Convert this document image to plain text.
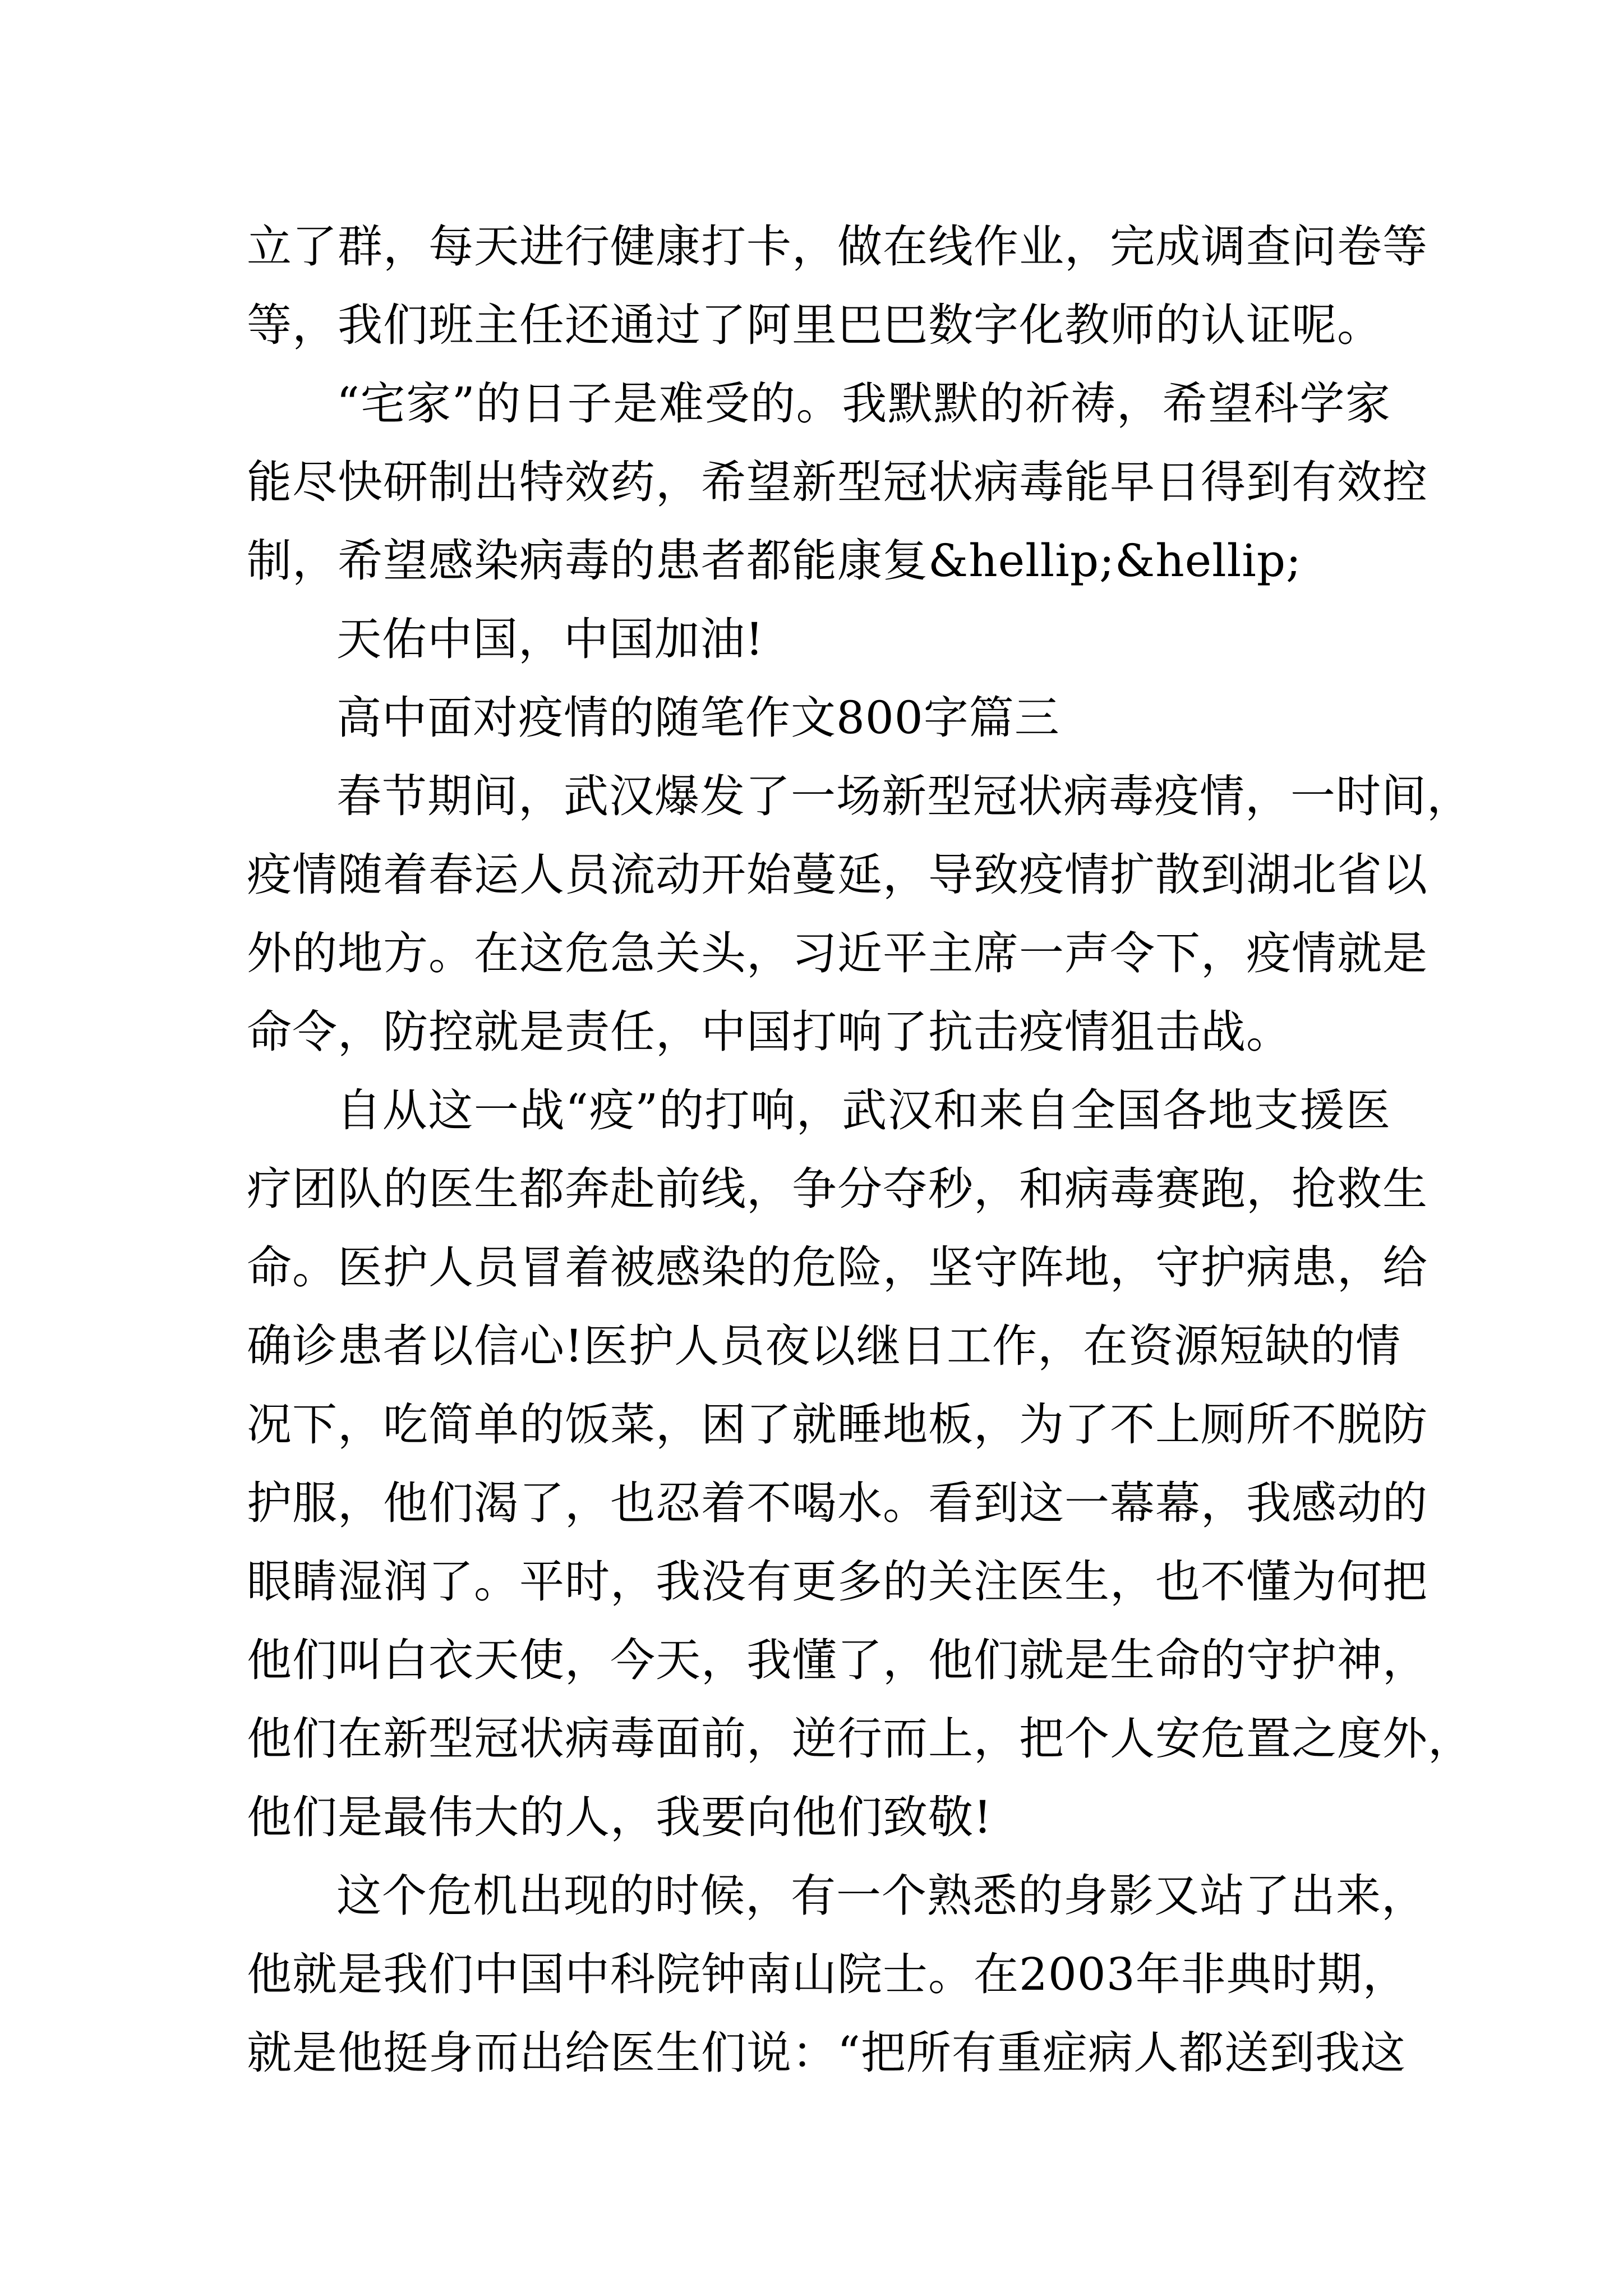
立了群，每天进行健康打卡，做在线作业，完成调查问卷等
等，我们班主任还通过了阿里巴巴数字化教师的认证呢。
“宅家”的日子是难受的。我默默的祈祷，希望科学家
能尽快研制出特效药，希望新型冠状病毒能早日得到有效控
制，希望感染病毒的患者都能康复&hellip;&hellip;
天佑中国，中国加油!
高中面对疫情的随笔作文800字篇三
春节期间，武汉爆发了一场新型冠状病毒疫情，一时间，
疫情随着春运人员流动开始蔓延，导致疫情扩散到湖北省以
外的地方。在这危急关头，习近平主席一声令下，疫情就是
命令，防控就是责任，中国打响了抗击疫情狙击战。
自从这一战“疫”的打响，武汉和来自全国各地支援医
疗团队的医生都奔赴前线，争分夺秒，和病毒赛跑，抢救生
命。医护人员冒着被感染的危险，坚守阵地，守护病患，给
确诊患者以信心!医护人员夜以继日工作，在资源短缺的情
况下，吃简单的饭菜，困了就睡地板，为了不上厕所不脱防
护服，他们渴了，也忍着不喝水。看到这一幕幕，我感动的
眼睛湿润了。平时，我没有更多的关注医生，也不懂为何把
他们叫白衣天使，今天，我懂了，他们就是生命的守护神，
他们在新型冠状病毒面前，逆行而上，把个人安危置之度外，
他们是最伟大的人，我要向他们致敬!
这个危机出现的时候，有一个熟悉的身影又站了出来，
他就是我们中国中科院钟南山院士。在2003年非典时期，
就是他挺身而出给医生们说：“把所有重症病人都送到我这
